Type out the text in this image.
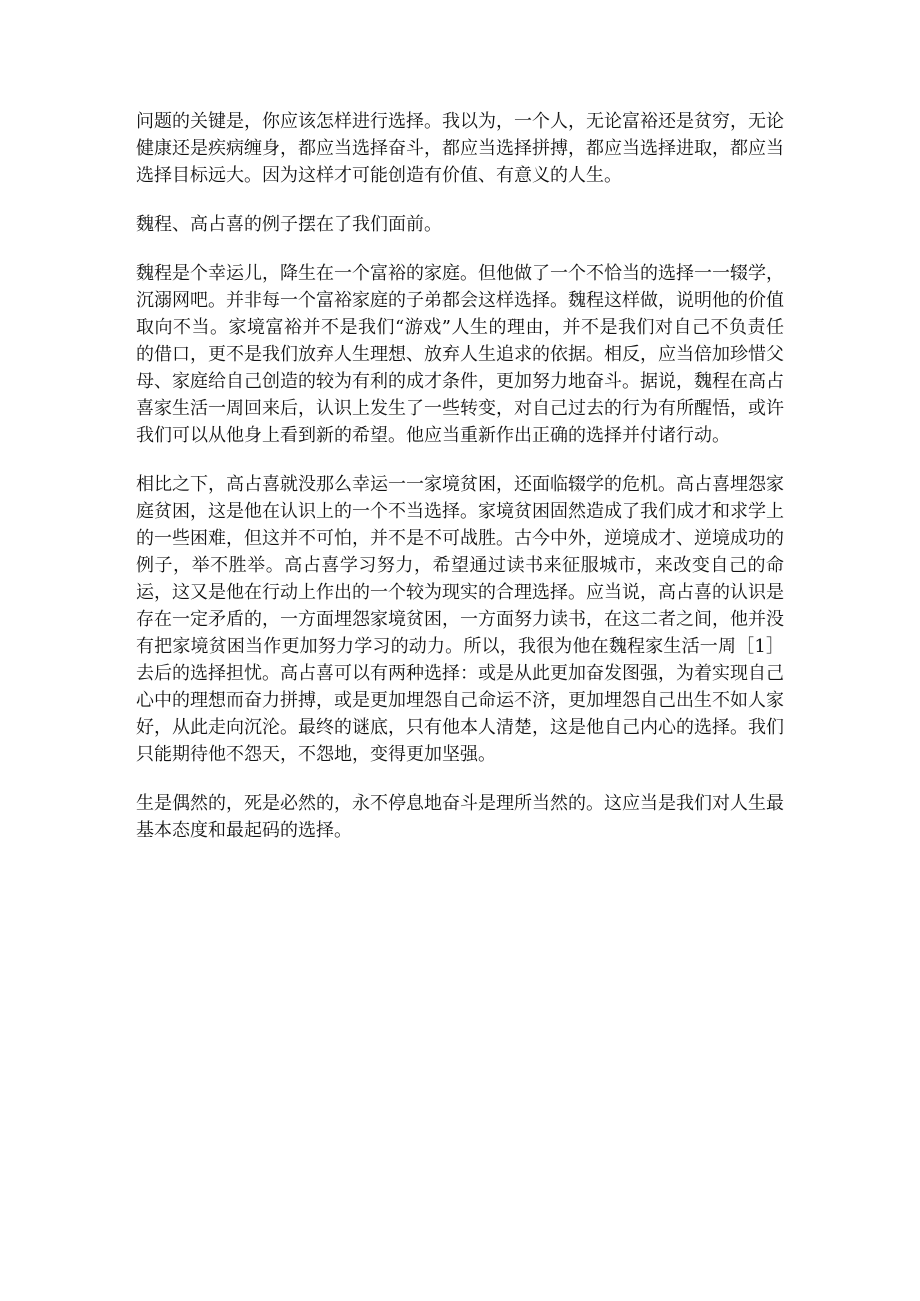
问题的关键是，你应该怎样进行选择。我以为，一个人，无论富裕还是贫穷，无论健康还是疾病缠身，都应当选择奋斗，都应当选择拼搏，都应当选择进取，都应当选择目标远大。因为这样才可能创造有价值、有意义的人生。

魏程、高占喜的例子摆在了我们面前。

魏程是个幸运儿，降生在一个富裕的家庭。但他做了一个不恰当的选择一一辍学，沉溺网吧。并非每一个富裕家庭的子弟都会这样选择。魏程这样做，说明他的价值取向不当。家境富裕并不是我们“游戏”人生的理由，并不是我们对自己不负责任的借口，更不是我们放弃人生理想、放弃人生追求的依据。相反，应当倍加珍惜父母、家庭给自己创造的较为有利的成才条件，更加努力地奋斗。据说，魏程在高占喜家生活一周回来后，认识上发生了一些转变，对自己过去的行为有所醒悟，或许我们可以从他身上看到新的希望。他应当重新作出正确的选择并付诸行动。

相比之下，高占喜就没那么幸运一一家境贫困，还面临辍学的危机。高占喜埋怨家庭贫困，这是他在认识上的一个不当选择。家境贫困固然造成了我们成才和求学上的一些困难，但这并不可怕，并不是不可战胜。古今中外，逆境成才、逆境成功的例子，举不胜举。高占喜学习努力，希望通过读书来征服城市，来改变自己的命运，这又是他在行动上作出的一个较为现实的合理选择。应当说，高占喜的认识是存在一定矛盾的，一方面埋怨家境贫困，一方面努力读书，在这二者之间，他并没有把家境贫困当作更加努力学习的动力。所以，我很为他在魏程家生活一周［1］去后的选择担忧。高占喜可以有两种选择：或是从此更加奋发图强，为着实现自己心中的理想而奋力拼搏，或是更加埋怨自己命运不济，更加埋怨自己出生不如人家好，从此走向沉沦。最终的谜底，只有他本人清楚，这是他自己内心的选择。我们只能期待他不怨天，不怨地，变得更加坚强。

生是偶然的，死是必然的，永不停息地奋斗是理所当然的。这应当是我们对人生最基本态度和最起码的选择。
